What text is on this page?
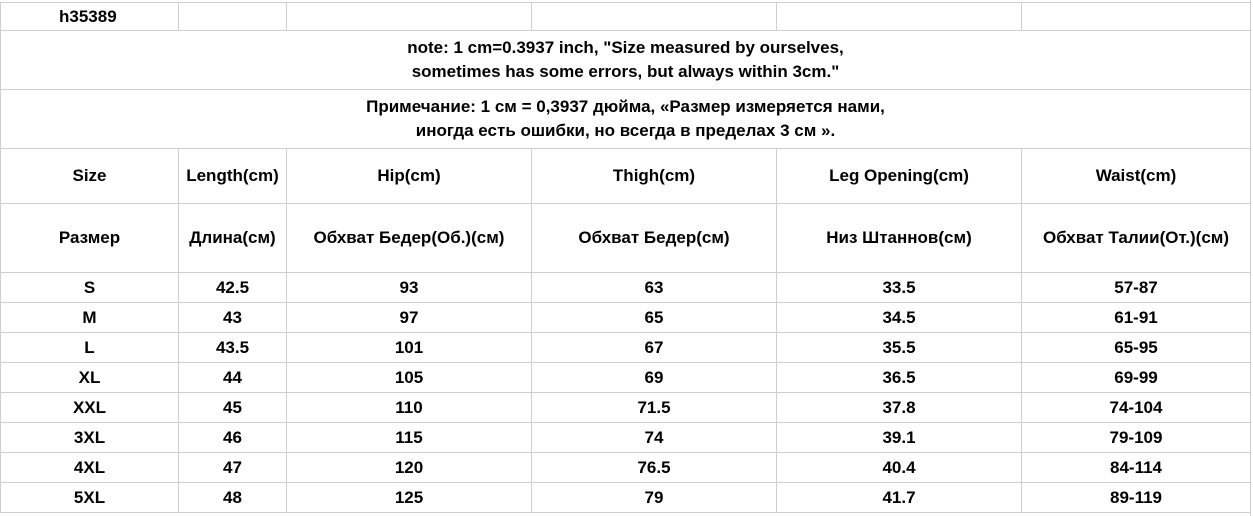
h35389					

note: 1 cm=0.3937 inch, "Size measured by ourselves,
sometimes has some errors, but always within 3cm."					

Примечание: 1 см = 0,3937 дюйма, «Размер измеряется нами,
иногда есть ошибки, но всегда в пределах 3 см ».					

Size	Length(cm)	Hip(cm)	Thigh(cm)	Leg Opening(cm)	Waist(cm)
Размер	Длина(см)	Обхват Бедер(Об.)(см)	Обхват Бедер(см)	Низ Штаннов(см)	Обхват Талии(От.)(см)
S	42.5	93	63	33.5	57-87
M	43	97	65	34.5	61-91
L	43.5	101	67	35.5	65-95
XL	44	105	69	36.5	69-99
XXL	45	110	71.5	37.8	74-104
3XL	46	115	74	39.1	79-109
4XL	47	120	76.5	40.4	84-114
5XL	48	125	79	41.7	89-119
